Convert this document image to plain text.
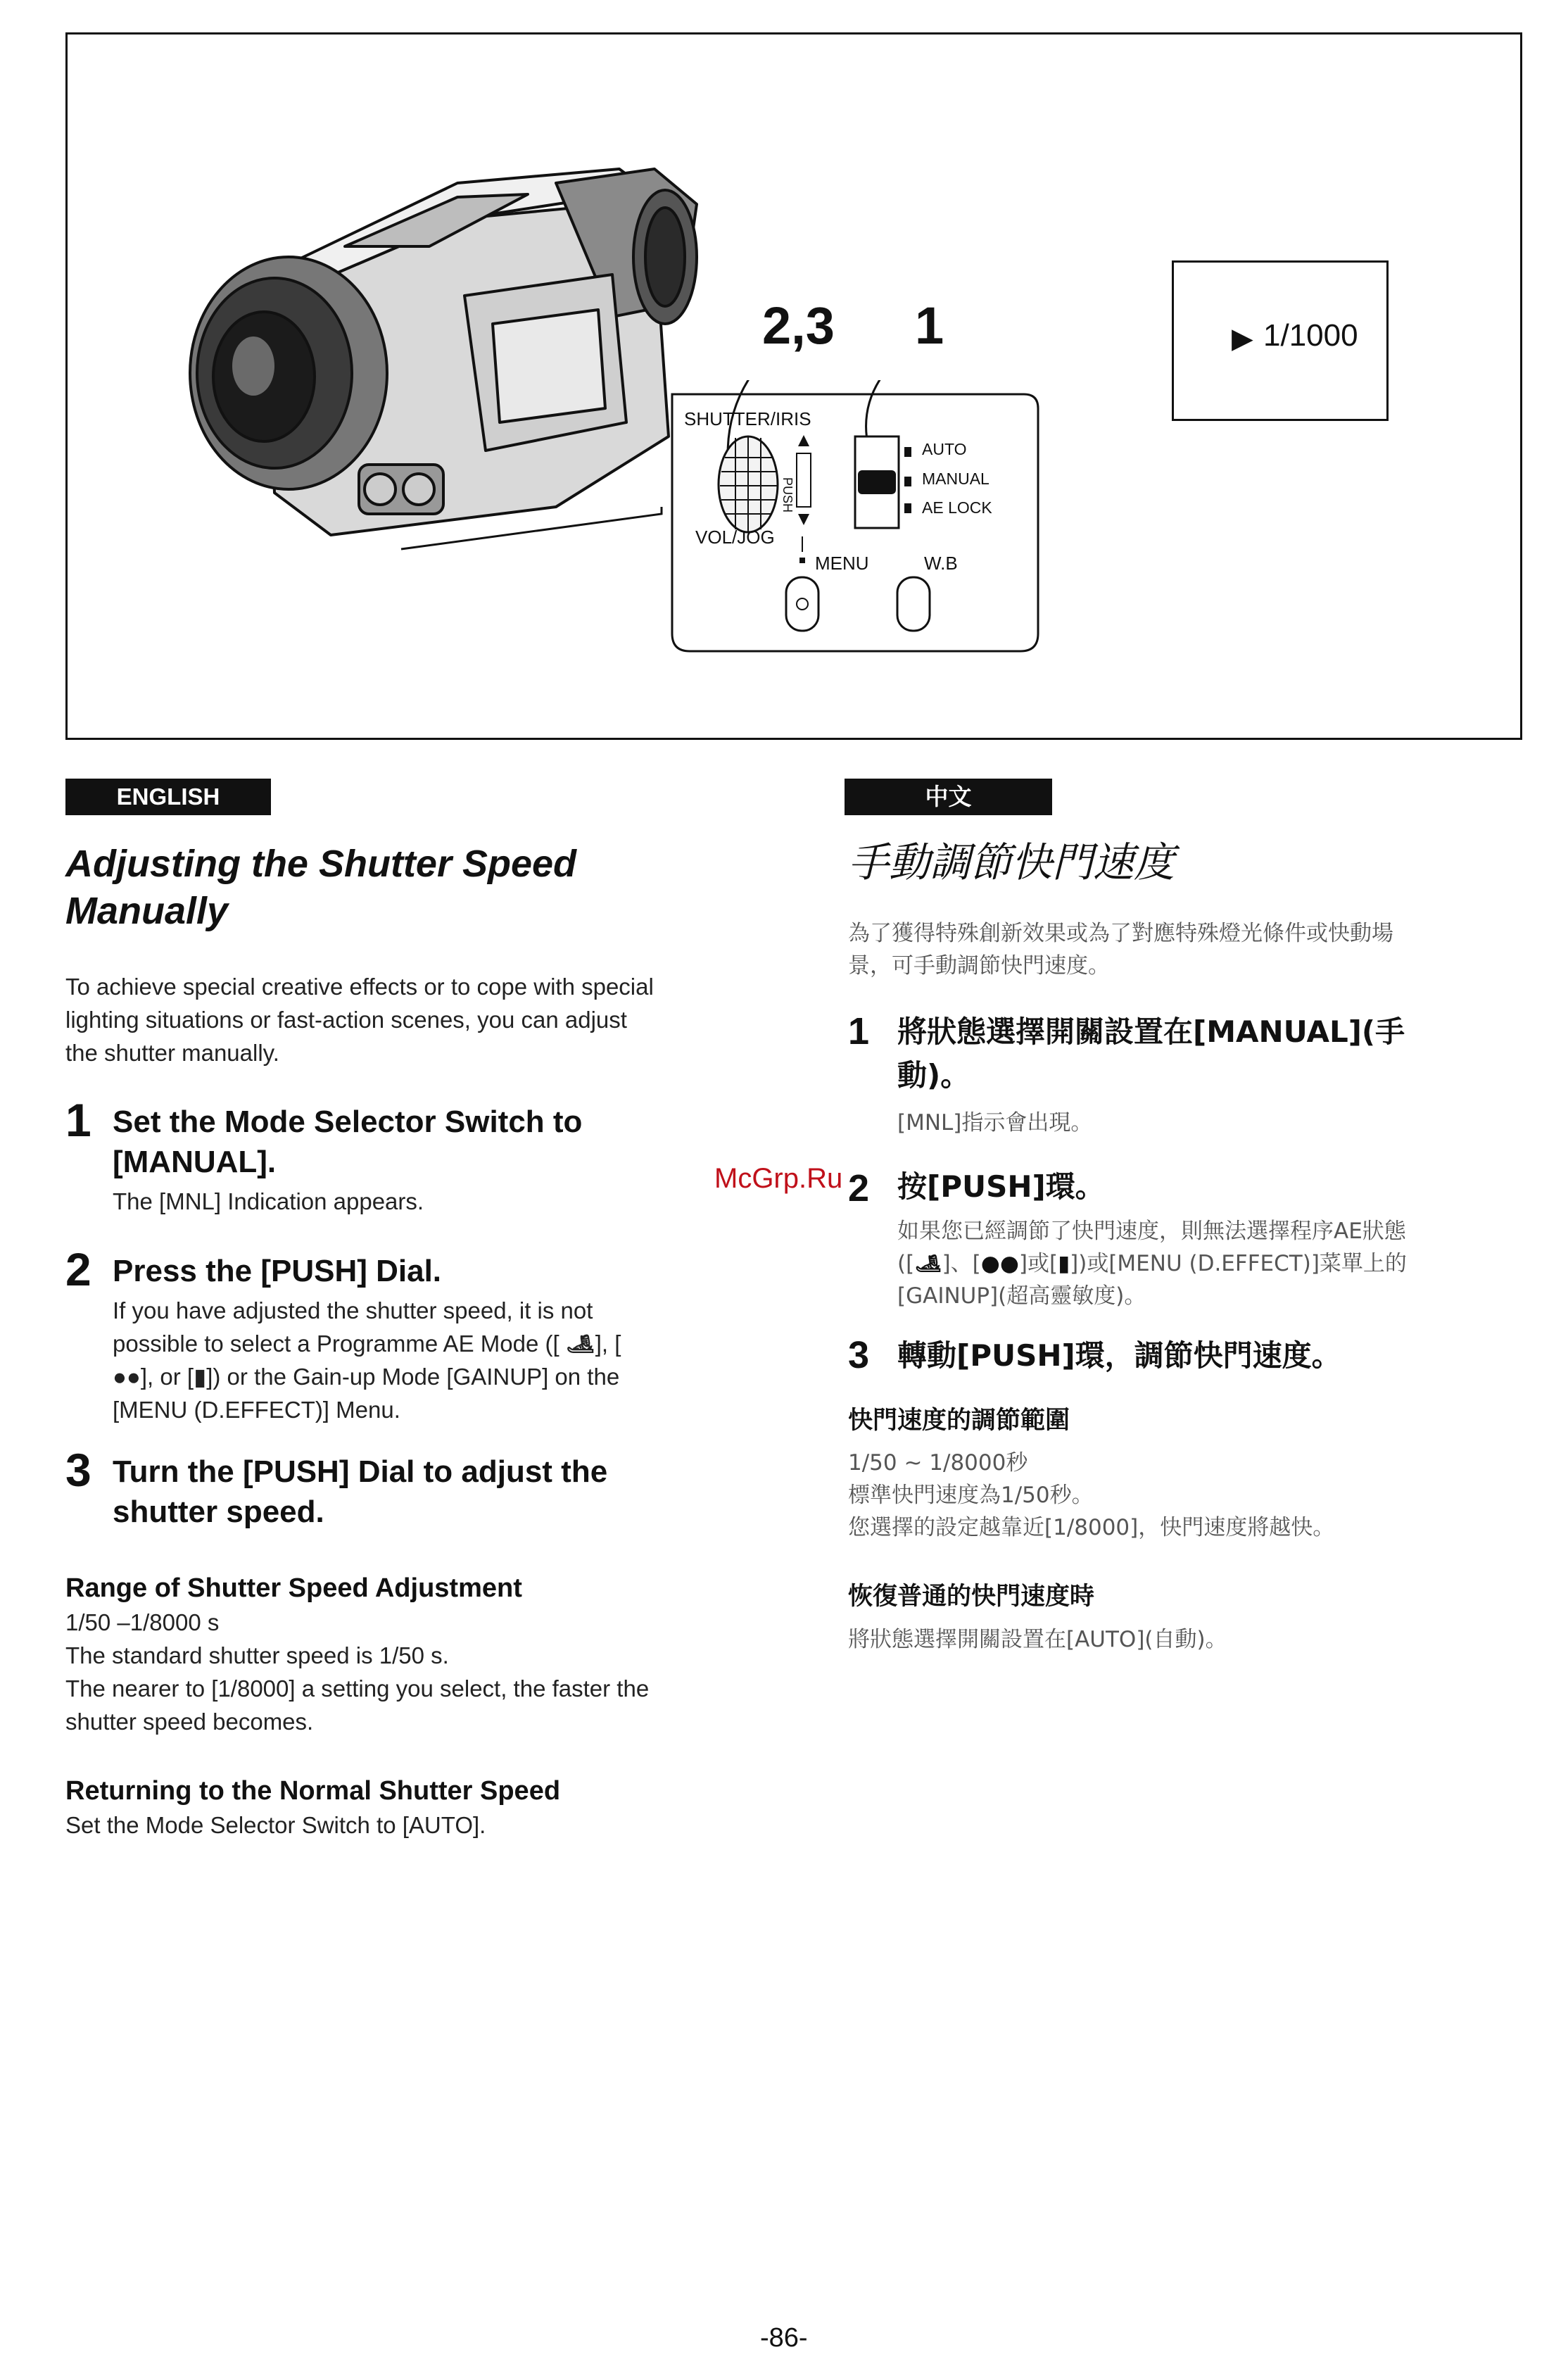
2,3 1
SHUTTER/IRIS
PUSH
VOL/JOG
AUTO
MANUAL
AE LOCK
MENU	W.B
▶ 1/1000
ENGLISH
Adjusting the Shutter Speed
Manually
To achieve special creative effects or to cope with special
lighting situations or fast-action scenes, you can adjust
the shutter manually.
1 Set the Mode Selector Switch to
[MANUAL].
The [MNL] Indication appears.
2 Press the [PUSH] Dial.
If you have adjusted the shutter speed, it is not
possible to select a Programme AE Mode ([ 🎿︎], [
●●], or [▮]) or the Gain-up Mode [GAINUP] on the
[MENU (D.EFFECT)] Menu.
3 Turn the [PUSH] Dial to adjust the
shutter speed.
Range of Shutter Speed Adjustment
1/50 –1/8000 s
The standard shutter speed is 1/50 s.
The nearer to [1/8000] a setting you select, the faster the
shutter speed becomes.
Returning to the Normal Shutter Speed
Set the Mode Selector Switch to [AUTO].
中文
手動調節快門速度
為了獲得特殊創新效果或為了對應特殊燈光條件或快動場
景，可手動調節快門速度。
1 將狀態選擇開關設置在[MANUAL](手
動)。
[MNL]指示會出現。
2 按[PUSH]環。
如果您已經調節了快門速度，則無法選擇程序AE狀態
([🎿︎]、[●●]或[▮])或[MENU (D.EFFECT)]菜單上的
[GAINUP](超高靈敏度)。
3 轉動[PUSH]環，調節快門速度。
快門速度的調節範圍
1/50 ~ 1/8000秒
標準快門速度為1/50秒。
您選擇的設定越靠近[1/8000]，快門速度將越快。
恢復普通的快門速度時
將狀態選擇開關設置在[AUTO](自動)。
McGrp.Ru
-86-
